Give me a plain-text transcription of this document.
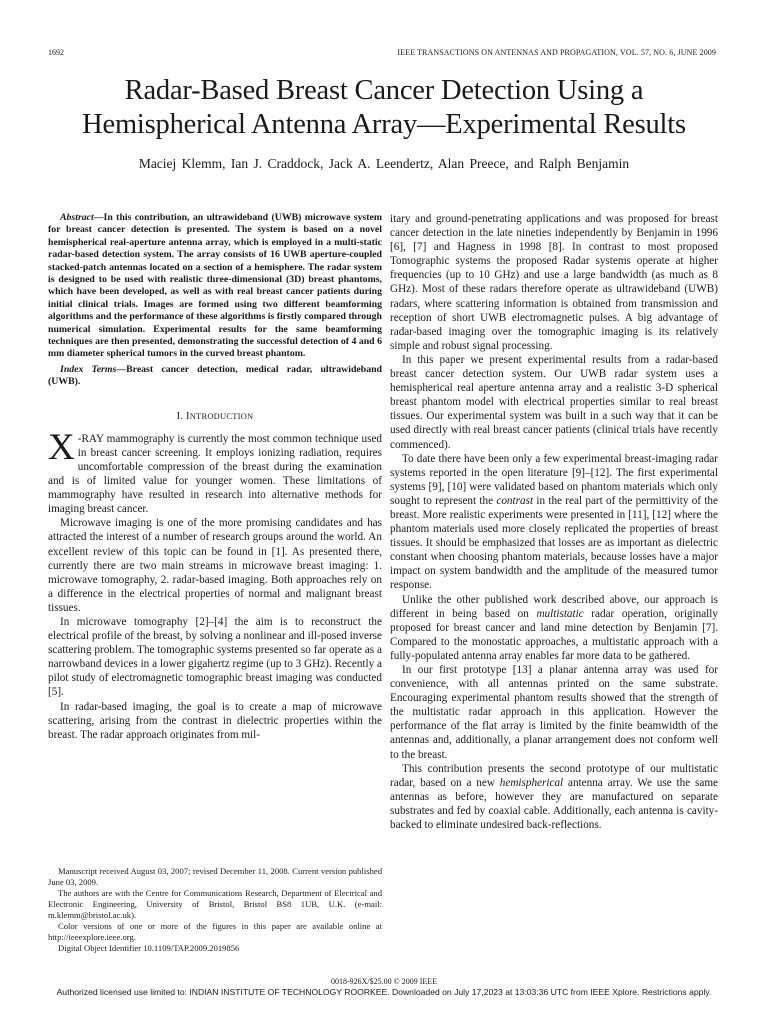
1692	IEEE TRANSACTIONS ON ANTENNAS AND PROPAGATION, VOL. 57, NO. 6, JUNE 2009
Radar-Based Breast Cancer Detection Using a
Hemispherical Antenna Array—Experimental Results
Maciej Klemm, Ian J. Craddock, Jack A. Leendertz, Alan Preece, and Ralph Benjamin

Abstract—In this contribution, an ultrawideband (UWB) microwave system for breast cancer detection is presented. The system is based on a novel hemispherical real-aperture antenna array, which is employed in a multi-static radar-based detection system. The array consists of 16 UWB aperture-coupled stacked-patch antennas located on a section of a hemisphere. The radar system is designed to be used with realistic three-dimensional (3D) breast phantoms, which have been developed, as well as with real breast cancer patients during initial clinical trials. Images are formed using two different beamforming algorithms and the performance of these algorithms is firstly compared through numerical simulation. Experimental results for the same beamforming techniques are then presented, demonstrating the successful detection of 4 and 6 mm diameter spherical tumors in the curved breast phantom.

Index Terms—Breast cancer detection, medical radar, ultrawideband (UWB).

I. INTRODUCTION

X -RAY mammography is currently the most common technique used in breast cancer screening. It employs ionizing radiation, requires uncomfortable compression of the breast during the examination and is of limited value for younger women. These limitations of mammography have resulted in research into alternative methods for imaging breast cancer.

Microwave imaging is one of the more promising candidates and has attracted the interest of a number of research groups around the world. An excellent review of this topic can be found in [1]. As presented there, currently there are two main streams in microwave breast imaging: 1. microwave tomography, 2. radar-based imaging. Both approaches rely on a difference in the electrical properties of normal and malignant breast tissues.

In microwave tomography [2]–[4] the aim is to reconstruct the electrical profile of the breast, by solving a nonlinear and ill-posed inverse scattering problem. The tomographic systems presented so far operate as a narrowband devices in a lower gigahertz regime (up to 3 GHz). Recently a pilot study of electromagnetic tomographic breast imaging was conducted [5].

In radar-based imaging, the goal is to create a map of microwave scattering, arising from the contrast in dielectric properties within the breast. The radar approach originates from mil-

Manuscript received August 03, 2007; revised December 11, 2008. Current version published June 03, 2009.

The authors are with the Centre for Communications Research, Department of Electrical and Electronic Engineering, University of Bristol, Bristol BS8 1UB, U.K. (e-mail: m.klemm@bristol.ac.uk).

Color versions of one or more of the figures in this paper are available online at http://ieeexplore.ieee.org.

Digital Object Identifier 10.1109/TAP.2009.2019856

itary and ground-penetrating applications and was proposed for breast cancer detection in the late nineties independently by Benjamin in 1996 [6], [7] and Hagness in 1998 [8]. In contrast to most proposed Tomographic systems the proposed Radar systems operate at higher frequencies (up to 10 GHz) and use a large bandwidth (as much as 8 GHz). Most of these radars therefore operate as ultrawideband (UWB) radars, where scattering information is obtained from transmission and reception of short UWB electromagnetic pulses. A big advantage of radar-based imaging over the tomographic imaging is its relatively simple and robust signal processing.

In this paper we present experimental results from a radar-based breast cancer detection system. Our UWB radar system uses a hemispherical real aperture antenna array and a realistic 3-D spherical breast phantom model with electrical properties similar to real breast tissues. Our experimental system was built in a such way that it can be used directly with real breast cancer patients (clinical trials have recently commenced).

To date there have been only a few experimental breast-imaging radar systems reported in the open literature [9]–[12]. The first experimental systems [9], [10] were validated based on phantom materials which only sought to represent the contrast in the real part of the permittivity of the breast. More realistic experiments were presented in [11], [12] where the phantom materials used more closely replicated the properties of breast tissues. It should be emphasized that losses are as important as dielectric constant when choosing phantom materials, because losses have a major impact on system bandwidth and the amplitude of the measured tumor response.

Unlike the other published work described above, our approach is different in being based on multistatic radar operation, originally proposed for breast cancer and land mine detection by Benjamin [7]. Compared to the monostatic approaches, a multistatic approach with a fully-populated antenna array enables far more data to be gathered.

In our first prototype [13] a planar antenna array was used for convenience, with all antennas printed on the same substrate. Encouraging experimental phantom results showed that the strength of the multistatic radar approach in this application. However the performance of the flat array is limited by the finite beamwidth of the antennas and, additionally, a planar arrangement does not conform well to the breast.

This contribution presents the second prototype of our multistatic radar, based on a new hemispherical antenna array. We use the same antennas as before, however they are manufactured on separate substrates and fed by coaxial cable. Additionally, each antenna is cavity-backed to eliminate undesired back-reflections.

0018-926X/$25.00 © 2009 IEEE
Authorized licensed use limited to: INDIAN INSTITUTE OF TECHNOLOGY ROORKEE. Downloaded on July 17,2023 at 13:03:36 UTC from IEEE Xplore. Restrictions apply.
